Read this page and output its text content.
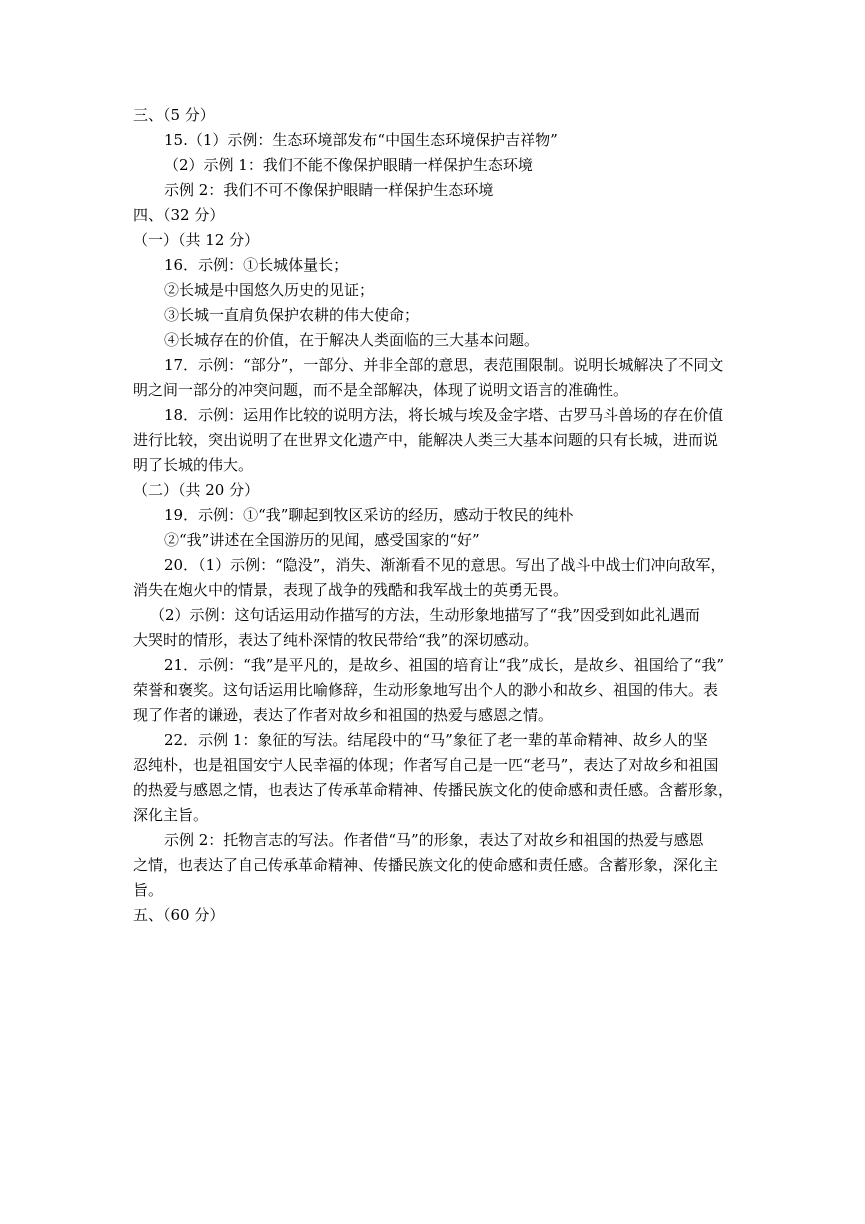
三、（5 分）
15.（1）示例：生态环境部发布“中国生态环境保护吉祥物”
（2）示例 1：我们不能不像保护眼睛一样保护生态环境
示例 2：我们不可不像保护眼睛一样保护生态环境
四、（32 分）
（一）（共 12 分）
16．示例：①长城体量长；
②长城是中国悠久历史的见证；
③长城一直肩负保护农耕的伟大使命；
④长城存在的价值，在于解决人类面临的三大基本问题。
17．示例：“部分”，一部分、并非全部的意思，表范围限制。说明长城解决了不同文
明之间一部分的冲突问题，而不是全部解决，体现了说明文语言的准确性。
18．示例：运用作比较的说明方法，将长城与埃及金字塔、古罗马斗兽场的存在价值
进行比较，突出说明了在世界文化遗产中，能解决人类三大基本问题的只有长城，进而说
明了长城的伟大。
（二）（共 20 分）
19．示例：①“我”聊起到牧区采访的经历，感动于牧民的纯朴
②“我”讲述在全国游历的见闻，感受国家的“好”
20．（1）示例：“隐没”，消失、渐渐看不见的意思。写出了战斗中战士们冲向敌军，
消失在炮火中的情景，表现了战争的残酷和我军战士的英勇无畏。
（2）示例：这句话运用动作描写的方法，生动形象地描写了“我”因受到如此礼遇而
大哭时的情形，表达了纯朴深情的牧民带给“我”的深切感动。
21．示例：“我”是平凡的，是故乡、祖国的培育让“我”成长，是故乡、祖国给了“我”
荣誉和褒奖。这句话运用比喻修辞，生动形象地写出个人的渺小和故乡、祖国的伟大。表
现了作者的谦逊，表达了作者对故乡和祖国的热爱与感恩之情。
22．示例 1：象征的写法。结尾段中的“马”象征了老一辈的革命精神、故乡人的坚
忍纯朴，也是祖国安宁人民幸福的体现；作者写自己是一匹“老马”，表达了对故乡和祖国
的热爱与感恩之情，也表达了传承革命精神、传播民族文化的使命感和责任感。含蓄形象，
深化主旨。
示例 2：托物言志的写法。作者借“马”的形象，表达了对故乡和祖国的热爱与感恩
之情，也表达了自己传承革命精神、传播民族文化的使命感和责任感。含蓄形象，深化主
旨。
五、（60 分）
